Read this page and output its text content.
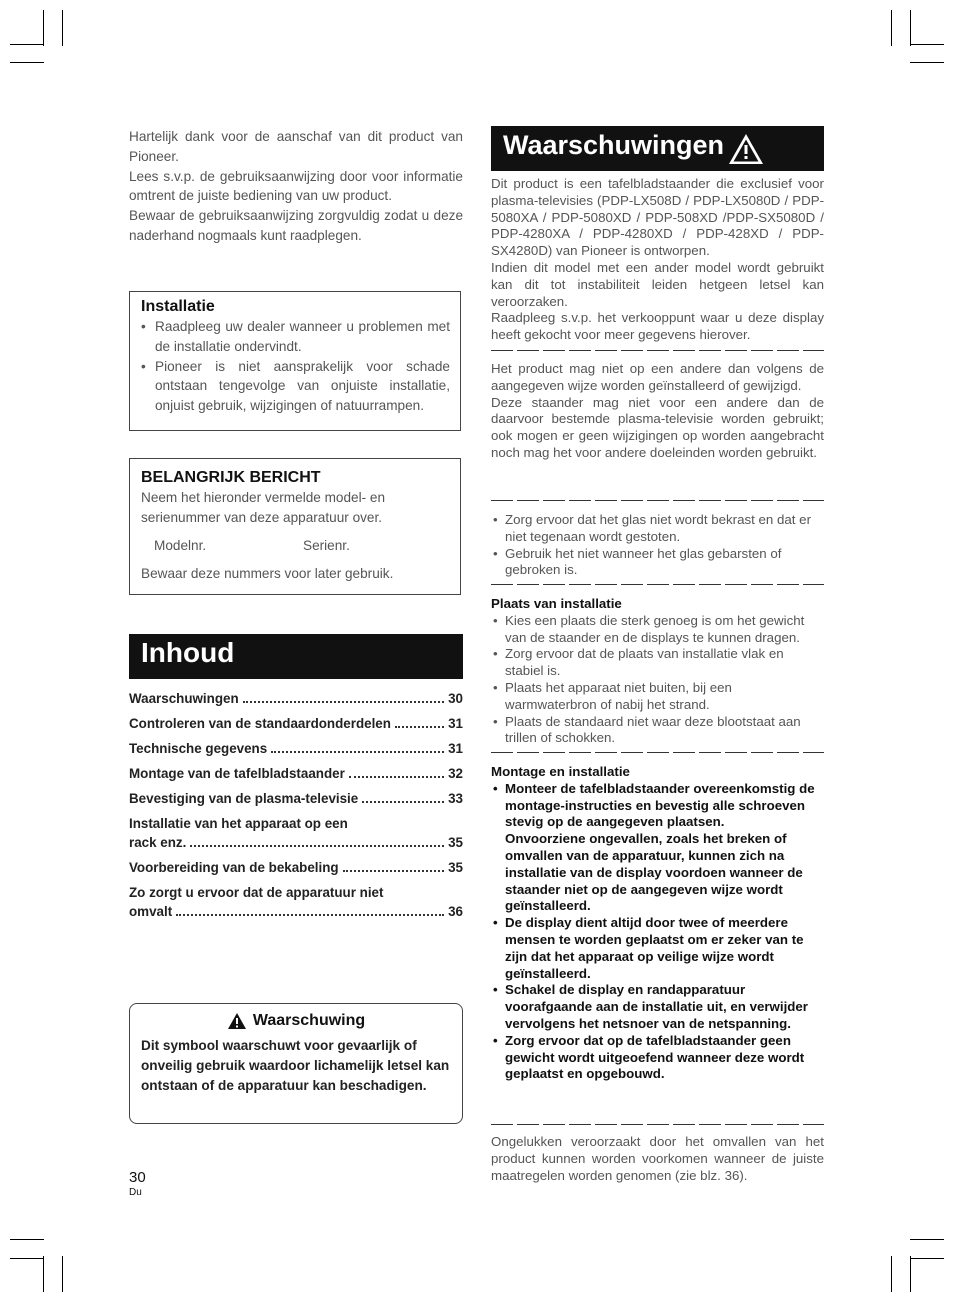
Hartelijk dank voor de aanschaf van dit product van Pioneer.

Lees s.v.p. de gebruiksaanwijzing door voor informatie omtrent de juiste bediening van uw product.

Bewaar de gebruiksaanwijzing zorgvuldig zodat u deze naderhand nogmaals kunt raadplegen.

Installatie
• Raadpleeg uw dealer wanneer u problemen met de installatie ondervindt.
• Pioneer is niet aansprakelijk voor schade ontstaan tengevolge van onjuiste installatie, onjuist gebruik, wijzigingen of natuurrampen.
BELANGRIJK BERICHT
Neem het hieronder vermelde model- en serienummer van deze apparatuur over.
Modelnr.	Serienr.
Bewaar deze nummers voor later gebruik.
Inhoud
Waarschuwingen	30
Controleren van de standaardonderdelen	31
Technische gegevens	31
Montage van de tafelbladstaander	32
Bevestiging van de plasma-televisie	33
Installatie van het apparaat op een
rack enz.	35
Voorbereiding van de bekabeling	35
Zo zorgt u ervoor dat de apparatuur niet
omvalt	36
Waarschuwing
Dit symbool waarschuwt voor gevaarlijk of onveilig gebruik waardoor lichamelijk letsel kan ontstaan of de apparatuur kan beschadigen.
30
Du
Waarschuwingen

Dit product is een tafelbladstaander die exclusief voor plasma-televisies (PDP-LX508D / PDP-LX5080D / PDP-5080XA / PDP-5080XD / PDP-508XD /PDP-SX5080D / PDP-4280XA / PDP-4280XD / PDP-428XD / PDP-SX4280D) van Pioneer is ontworpen.

Indien dit model met een ander model wordt gebruikt kan dit tot instabiliteit leiden hetgeen letsel kan veroorzaken.

Raadpleeg s.v.p. het verkooppunt waar u deze display heeft gekocht voor meer gegevens hierover.

Het product mag niet op een andere dan volgens de aangegeven wijze worden geïnstalleerd of gewijzigd.

Deze staander mag niet voor een andere dan de daarvoor bestemde plasma-televisie worden gebruikt; ook mogen er geen wijzigingen op worden aangebracht noch mag het voor andere doeleinden worden gebruikt.

• Zorg ervoor dat het glas niet wordt bekrast en dat er niet tegenaan wordt gestoten.
• Gebruik het niet wanneer het glas gebarsten of gebroken is.
Plaats van installatie
• Kies een plaats die sterk genoeg is om het gewicht van de staander en de displays te kunnen dragen.
• Zorg ervoor dat de plaats van installatie vlak en stabiel is.
• Plaats het apparaat niet buiten, bij een warmwaterbron of nabij het strand.
• Plaats de standaard niet waar deze blootstaat aan trillen of schokken.
Montage en installatie
• Monteer de tafelbladstaander overeenkomstig de montage-instructies en bevestig alle schroeven stevig op de aangegeven plaatsen.
Onvoorziene ongevallen, zoals het breken of omvallen van de apparatuur, kunnen zich na installatie van de display voordoen wanneer de staander niet op de aangegeven wijze wordt geïnstalleerd.
• De display dient altijd door twee of meerdere mensen te worden geplaatst om er zeker van te zijn dat het apparaat op veilige wijze wordt geïnstalleerd.
• Schakel de display en randapparatuur voorafgaande aan de installatie uit, en verwijder vervolgens het netsnoer van de netspanning.
• Zorg ervoor dat op de tafelbladstaander geen gewicht wordt uitgeoefend wanneer deze wordt geplaatst en opgebouwd.

Ongelukken veroorzaakt door het omvallen van het product kunnen worden voorkomen wanneer de juiste maatregelen worden genomen (zie blz. 36).
